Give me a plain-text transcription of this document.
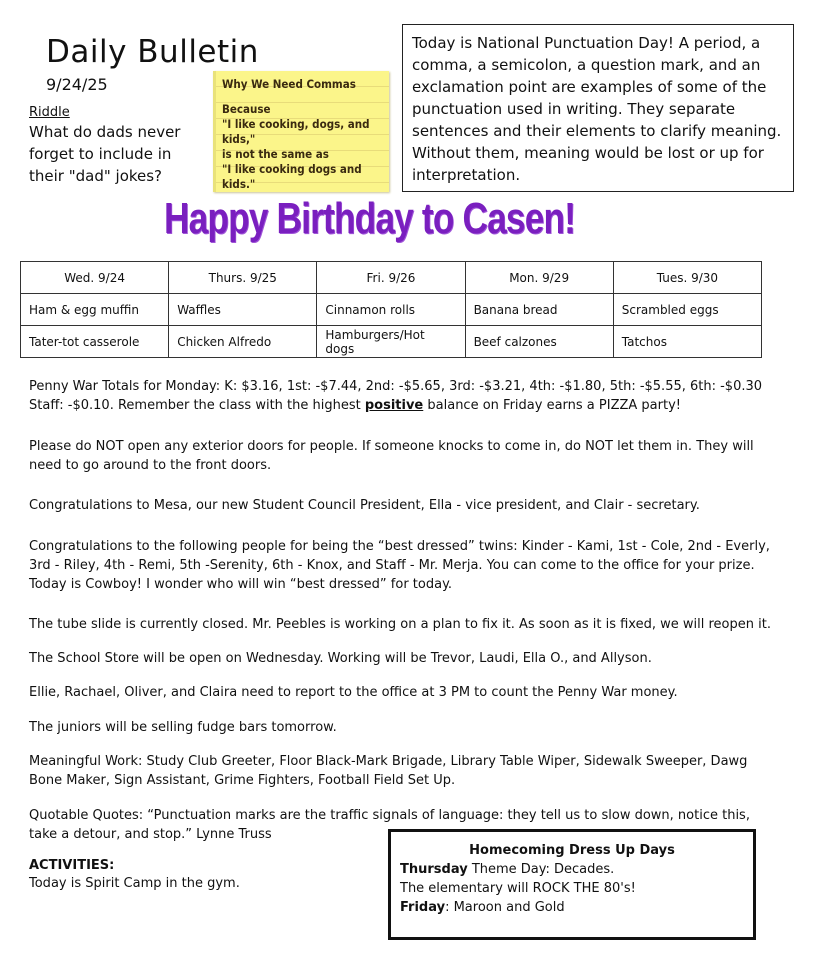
Daily Bulletin
9/24/25
Riddle
What do dads never forget to include in their "dad" jokes?
Why We Need Commas
Because
"I like cooking, dogs, and kids,"
is not the same as
"I like cooking dogs and kids."
Today is National Punctuation Day! A period, a comma, a semicolon, a question mark, and an exclamation point are examples of some of the punctuation used in writing. They separate sentences and their elements to clarify meaning. Without them, meaning would be lost or up for interpretation.
Happy Birthday to Casen!
Wed. 9/24	Thurs. 9/25	Fri. 9/26	Mon. 9/29	Tues. 9/30
Ham & egg muffin	Waffles	Cinnamon rolls	Banana bread	Scrambled eggs
Tater-tot casserole	Chicken Alfredo	Hamburgers/Hot dogs	Beef calzones	Tatchos
Penny War Totals for Monday: K: $3.16, 1st: -$7.44, 2nd: -$5.65, 3rd: -$3.21, 4th: -$1.80, 5th: -$5.55, 6th: -$0.30 Staff: -$0.10. Remember the class with the highest positive balance on Friday earns a PIZZA party!
Please do NOT open any exterior doors for people. If someone knocks to come in, do NOT let them in. They will need to go around to the front doors.
Congratulations to Mesa, our new Student Council President, Ella - vice president, and Clair - secretary.
Congratulations to the following people for being the “best dressed” twins: Kinder - Kami, 1st - Cole, 2nd - Everly, 3rd - Riley, 4th - Remi, 5th -Serenity, 6th - Knox, and Staff - Mr. Merja. You can come to the office for your prize. Today is Cowboy! I wonder who will win “best dressed” for today.
The tube slide is currently closed. Mr. Peebles is working on a plan to fix it. As soon as it is fixed, we will reopen it.
The School Store will be open on Wednesday. Working will be Trevor, Laudi, Ella O., and Allyson.
Ellie, Rachael, Oliver, and Claira need to report to the office at 3 PM to count the Penny War money.
The juniors will be selling fudge bars tomorrow.
Meaningful Work: Study Club Greeter, Floor Black-Mark Brigade, Library Table Wiper, Sidewalk Sweeper, Dawg Bone Maker, Sign Assistant, Grime Fighters, Football Field Set Up.
Quotable Quotes: “Punctuation marks are the traffic signals of language: they tell us to slow down, notice this, take a detour, and stop.” Lynne Truss
ACTIVITIES:
Today is Spirit Camp in the gym.
Homecoming Dress Up Days
Thursday Theme Day: Decades.
The elementary will ROCK THE 80's!
Friday: Maroon and Gold
